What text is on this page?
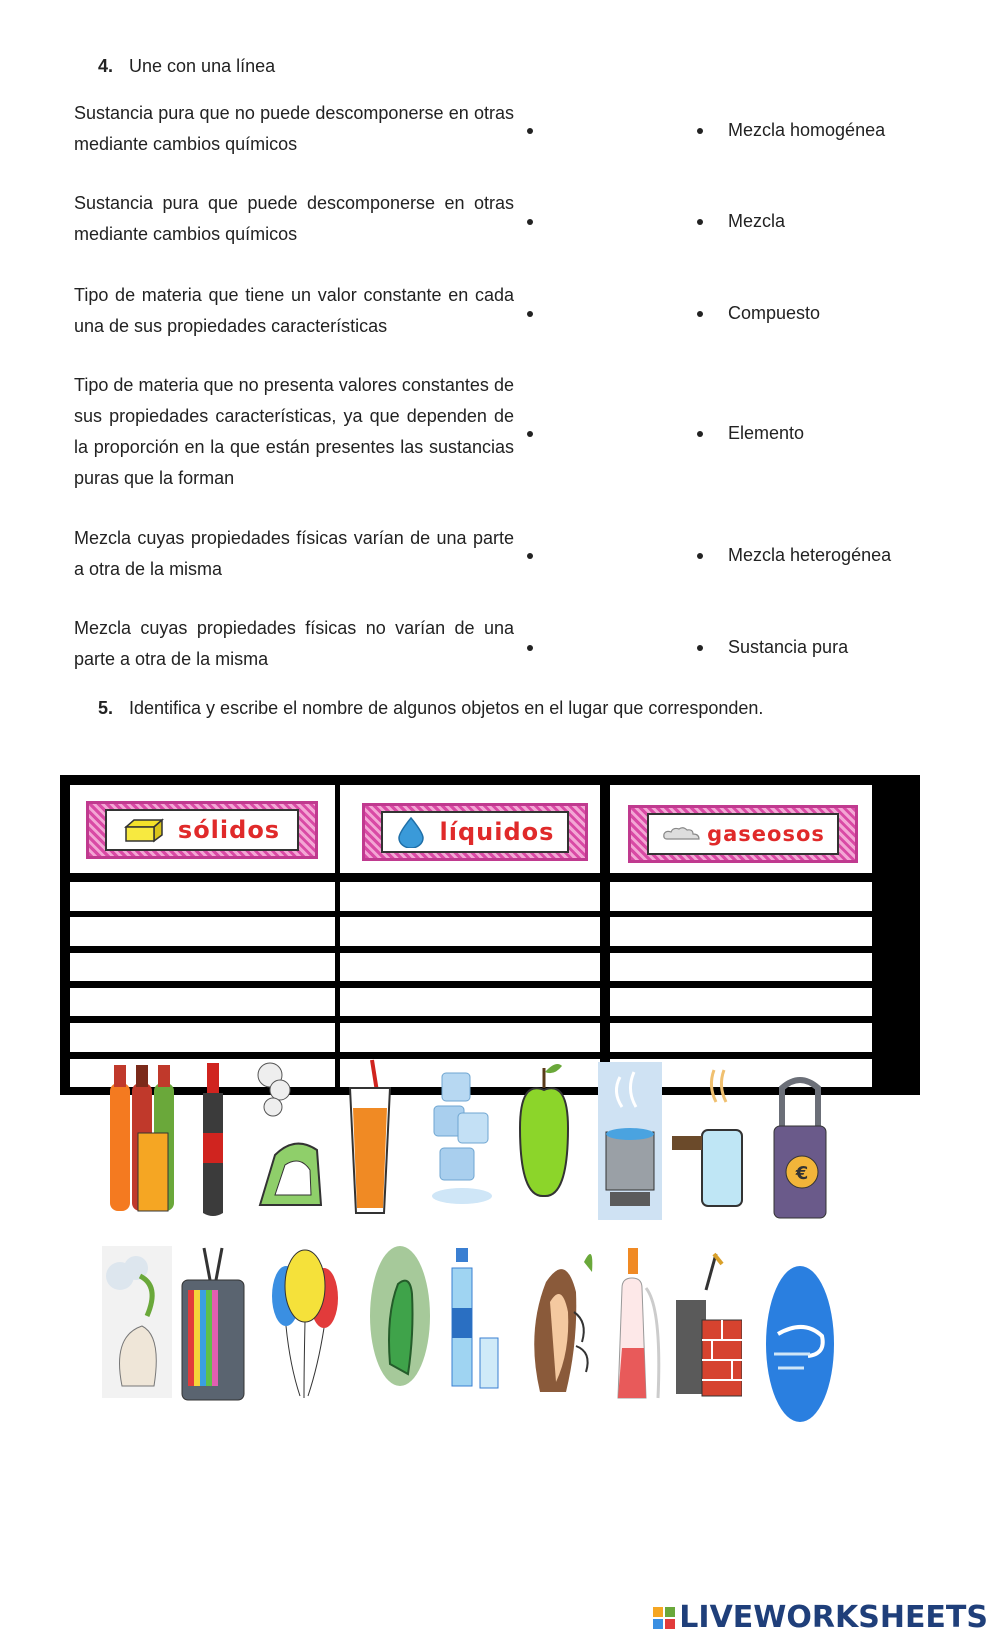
4. Une con una línea
Sustancia pura que no puede descomponerse en otras mediante cambios químicos
Sustancia pura que puede descomponerse en otras mediante cambios químicos
Tipo de materia que tiene un valor constante en cada una de sus propiedades características
Tipo de materia que no presenta valores constantes de sus propiedades características, ya que dependen de la proporción en la que están presentes las sustancias puras que la forman
Mezcla cuyas propiedades físicas varían de una parte a otra de la misma
Mezcla cuyas propiedades físicas no varían de una parte a otra de la misma
Mezcla homogénea
Mezcla
Compuesto
Elemento
Mezcla heterogénea
Sustancia pura
5. Identifica y escribe el nombre de algunos objetos en el lugar que corresponden.
sólidos	líquidos	gaseosos
€
LIVEWORKSHEETS
